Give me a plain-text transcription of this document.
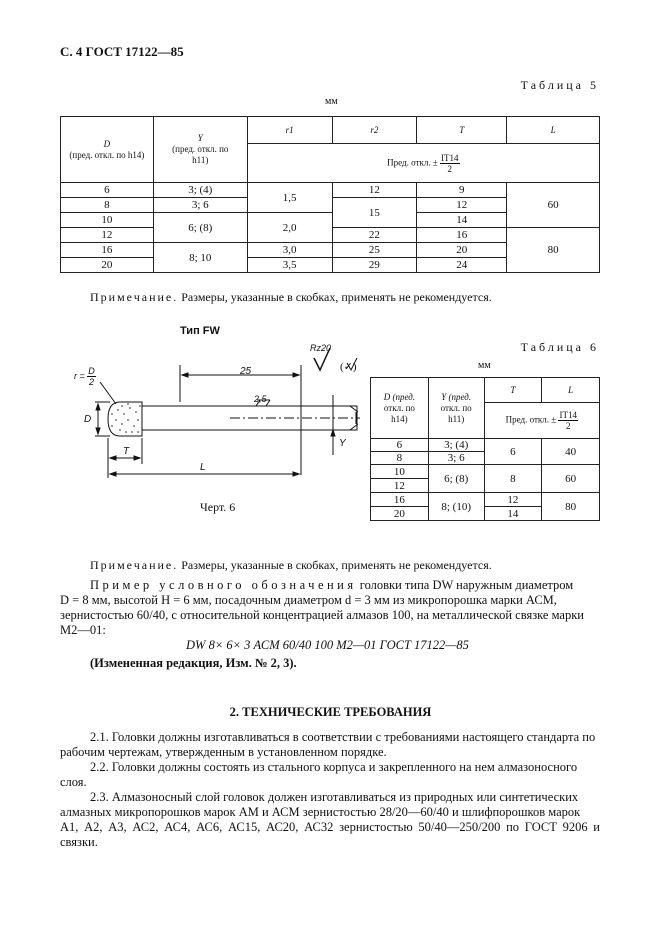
С. 4 ГОСТ 17122—85
Таблица 5
мм
D
(пред. откл. по h14)	Y
(пред. откл. по
h11)	r1	r2	T	L
		Пред. откл. ± $\frac{IT14}{2}$

6	3; (4)	1,5	12	9	60
8	3; 6		15	12	
10	6; (8)	2,0		14	
12			22	16	80
16	8; 10	3,0	25	20	
20		3,5	29	24	
Примечание. Размеры, указанные в скобках, применять не рекомендуется.
Тип FW
Rz20
(✓)
$r = \frac{D}{2}$	25
2,5
D
T
L
Y
Черт. 6
Таблица 6
мм
D (пред.
откл. по
h14)	Y (пред.
откл. по
h11)	T	L
		Пред. откл. ± $\frac{IT14}{2}$

6	3; (4)	6	40
8	3; 6		
10	6; (8)	8	60
12			
16	8; (10)	12	80
20		14	
Примечание. Размеры, указанные в скобках, применять не рекомендуется.
Пример условного обозначения головки типа DW наружным диаметром
D = 8 мм, высотой H = 6 мм, посадочным диаметром d = 3 мм из микропорошка марки АСМ,
зернистостью 60/40, с относительной концентрацией алмазов 100, на металлической связке марки
М2—01:
DW 8× 6× 3 АСМ 60/40 100 М2—01 ГОСТ 17122—85
(Измененная редакция, Изм. № 2, 3).
2. ТЕХНИЧЕСКИЕ ТРЕБОВАНИЯ
2.1. Головки должны изготавливаться в соответствии с требованиями настоящего стандарта по
рабочим чертежам, утвержденным в установленном порядке.
2.2. Головки должны состоять из стального корпуса и закрепленного на нем алмазоносного
слоя.
2.3. Алмазоносный слой головок должен изготавливаться из природных или синтетических
алмазных микропорошков марок АМ и АСМ зернистостью 28/20—60/40 и шлифпорошков марок
А1, А2, А3, АС2, АС4, АС6, АС15, АС20, АС32 зернистостью 50/40—250/200 по ГОСТ 9206 и связки.
